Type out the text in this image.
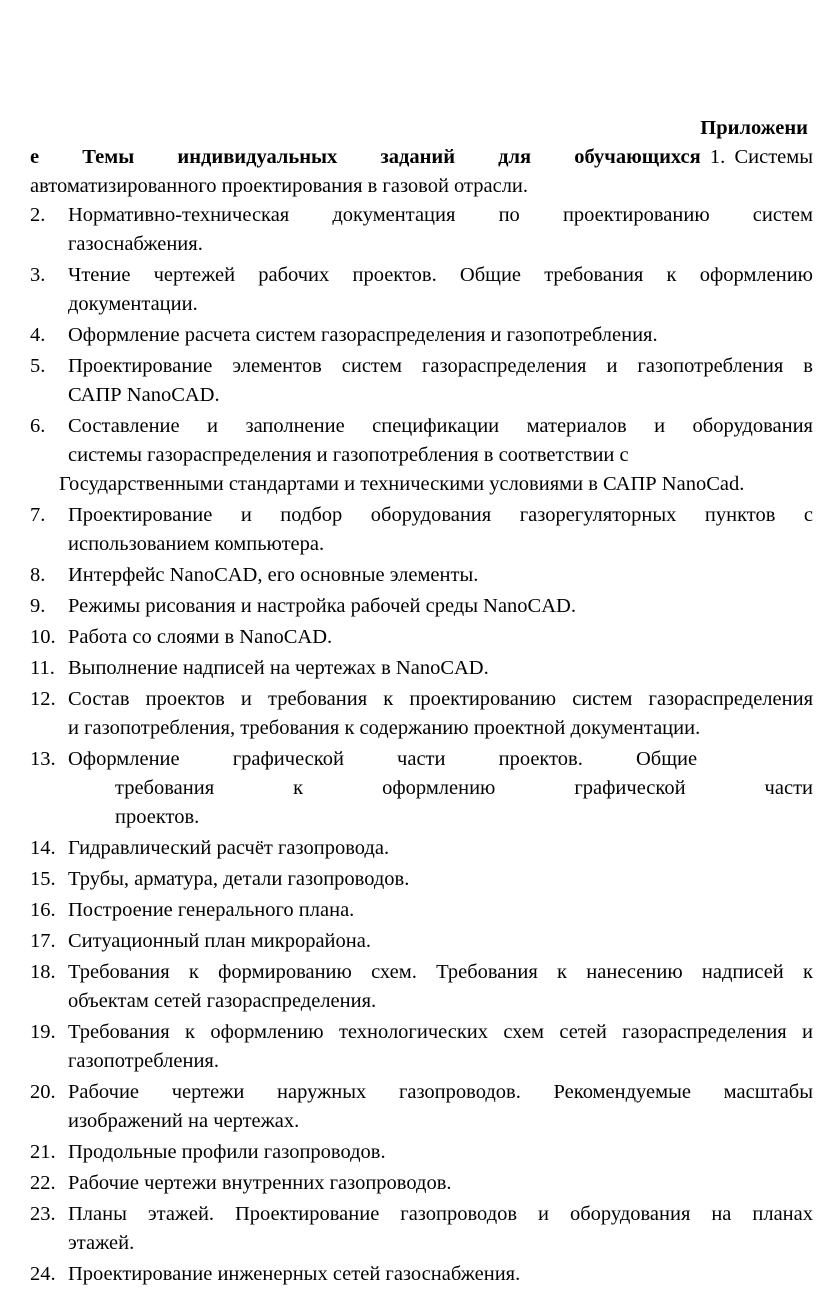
Приложени
е Темы индивидуальных заданий для обучающихся 1. Системы автоматизированного проектирования в газовой отрасли.
2. Нормативно-техническая документация по проектированию систем
газоснабжения.
3. Чтение чертежей рабочих проектов. Общие требования к оформлению
документации.
4. Оформление расчета систем газораспределения и газопотребления.
5. Проектирование элементов систем газораспределения и газопотребления в
САПР NanoCAD.
6. Составление и заполнение спецификации материалов и оборудования
системы газораспределения и газопотребления в соответствии с
Государственными стандартами и техническими условиями в САПР NanoCad.
7. Проектирование и подбор оборудования газорегуляторных пунктов с
использованием компьютера.
8. Интерфейс NanoCAD, его основные элементы.
9. Режимы рисования и настройка рабочей среды NanoCAD.
10. Работа со слоями в NanoCAD.
11. Выполнение надписей на чертежах в NanoCAD.
12. Состав проектов и требования к проектированию систем газораспределения
и газопотребления, требования к содержанию проектной документации.
13. Оформление графической части проектов. Общие
требования к оформлению графической части проектов.
14. Гидравлический расчёт газопровода.
15. Трубы, арматура, детали газопроводов.
16. Построение генерального плана.
17. Ситуационный план микрорайона.
18. Требования к формированию схем. Требования к нанесению надписей к
объектам сетей газораспределения.
19. Требования к оформлению технологических схем сетей газораспределения и
газопотребления.
20. Рабочие чертежи наружных газопроводов. Рекомендуемые масштабы
изображений на чертежах.
21. Продольные профили газопроводов.
22. Рабочие чертежи внутренних газопроводов.
23. Планы этажей. Проектирование газопроводов и оборудования на планах
этажей.
24. Проектирование инженерных сетей газоснабжения.
